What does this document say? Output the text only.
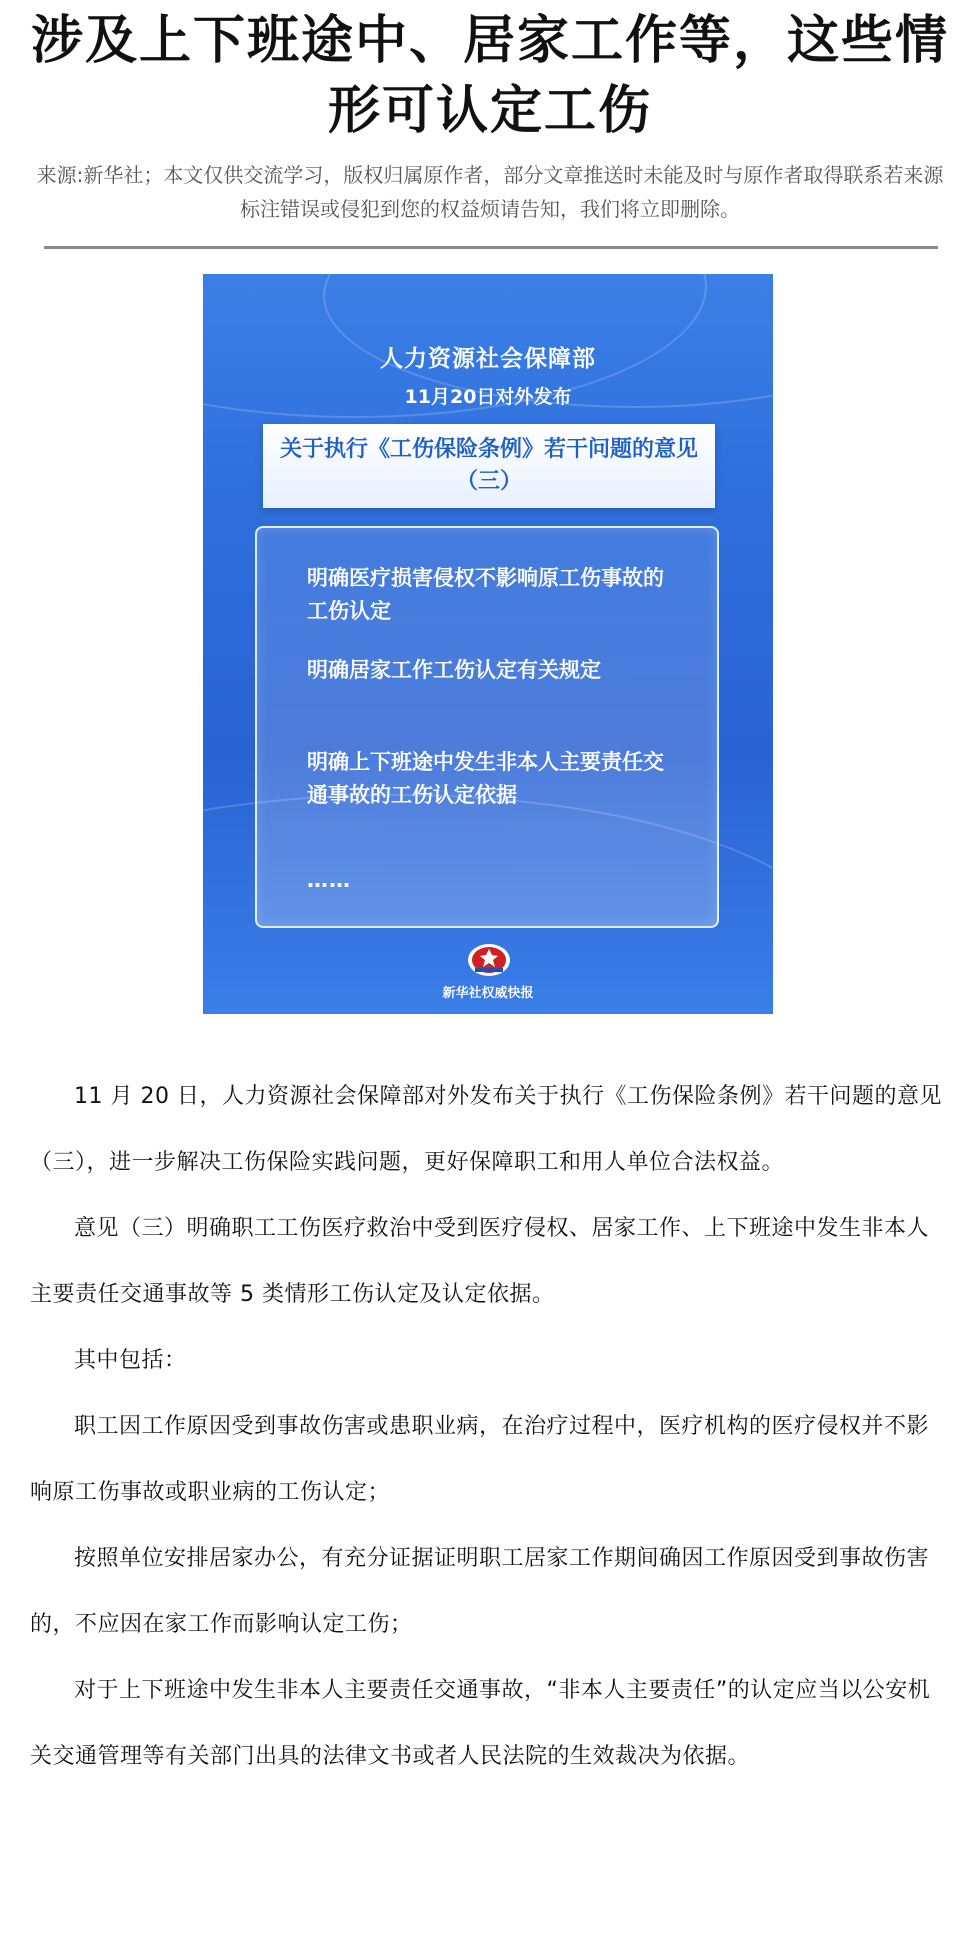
涉及上下班途中、居家工作等，这些情形可认定工伤
来源:新华社；本文仅供交流学习，版权归属原作者，部分文章推送时未能及时与原作者取得联系若来源标注错误或侵犯到您的权益烦请告知，我们将立即删除。
人力资源社会保障部
11月20日对外发布
关于执行《工伤保险条例》若干问题的意见（三）
明确医疗损害侵权不影响原工伤事故的工伤认定
明确居家工作工伤认定有关规定
明确上下班途中发生非本人主要责任交通事故的工伤认定依据
……
新华社权威快报

11 月 20 日，人力资源社会保障部对外发布关于执行《工伤保险条例》若干问题的意见（三），进一步解决工伤保险实践问题，更好保障职工和用人单位合法权益。

意见（三）明确职工工伤医疗救治中受到医疗侵权、居家工作、上下班途中发生非本人主要责任交通事故等 5 类情形工伤认定及认定依据。

其中包括：

职工因工作原因受到事故伤害或患职业病，在治疗过程中，医疗机构的医疗侵权并不影响原工伤事故或职业病的工伤认定；

按照单位安排居家办公，有充分证据证明职工居家工作期间确因工作原因受到事故伤害的，不应因在家工作而影响认定工伤；

对于上下班途中发生非本人主要责任交通事故，“非本人主要责任”的认定应当以公安机关交通管理等有关部门出具的法律文书或者人民法院的生效裁决为依据。
